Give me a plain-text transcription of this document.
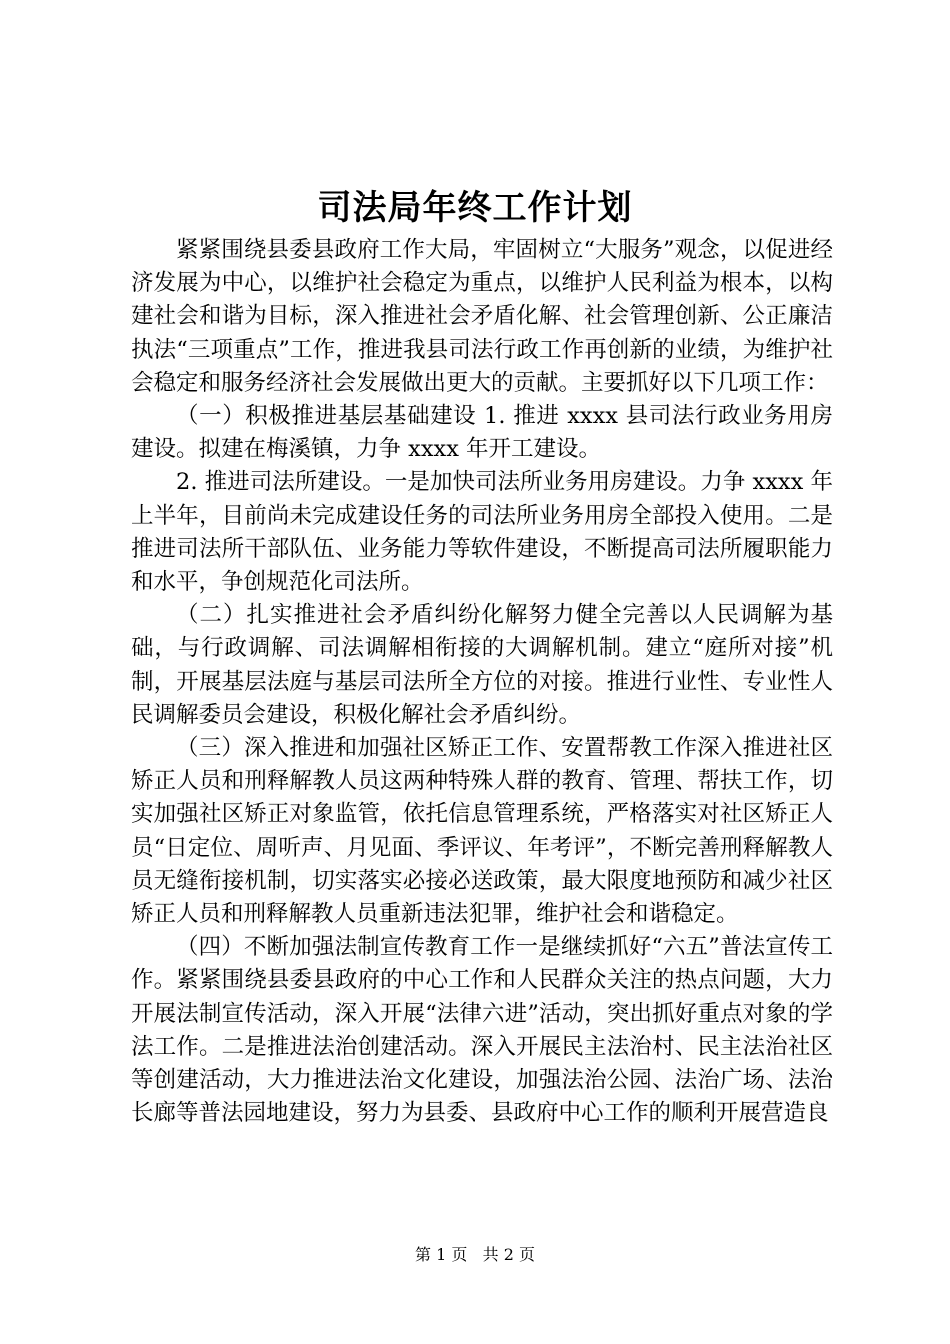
司法局年终工作计划

紧紧围绕县委县政府工作大局，牢固树立“大服务”观念，以促进经济发展为中心，以维护社会稳定为重点，以维护人民利益为根本，以构建社会和谐为目标，深入推进社会矛盾化解、社会管理创新、公正廉洁执法“三项重点”工作，推进我县司法行政工作再创新的业绩，为维护社会稳定和服务经济社会发展做出更大的贡献。主要抓好以下几项工作：

（一）积极推进基层基础建设 1. 推进 xxxx 县司法行政业务用房建设。拟建在梅溪镇，力争 xxxx 年开工建设。

2. 推进司法所建设。一是加快司法所业务用房建设。力争 xxxx 年上半年，目前尚未完成建设任务的司法所业务用房全部投入使用。二是推进司法所干部队伍、业务能力等软件建设，不断提高司法所履职能力和水平，争创规范化司法所。

（二）扎实推进社会矛盾纠纷化解努力健全完善以人民调解为基础，与行政调解、司法调解相衔接的大调解机制。建立“庭所对接”机制，开展基层法庭与基层司法所全方位的对接。推进行业性、专业性人民调解委员会建设，积极化解社会矛盾纠纷。

（三）深入推进和加强社区矫正工作、安置帮教工作深入推进社区矫正人员和刑释解教人员这两种特殊人群的教育、管理、帮扶工作，切实加强社区矫正对象监管，依托信息管理系统，严格落实对社区矫正人员“日定位、周听声、月见面、季评议、年考评”，不断完善刑释解教人员无缝衔接机制，切实落实必接必送政策，最大限度地预防和减少社区矫正人员和刑释解教人员重新违法犯罪，维护社会和谐稳定。

（四）不断加强法制宣传教育工作一是继续抓好“六五”普法宣传工作。紧紧围绕县委县政府的中心工作和人民群众关注的热点问题，大力开展法制宣传活动，深入开展“法律六进”活动，突出抓好重点对象的学法工作。二是推进法治创建活动。深入开展民主法治村、民主法治社区等创建活动，大力推进法治文化建设，加强法治公园、法治广场、法治长廊等普法园地建设，努力为县委、县政府中心工作的顺利开展营造良

第 1 页 共 2 页
